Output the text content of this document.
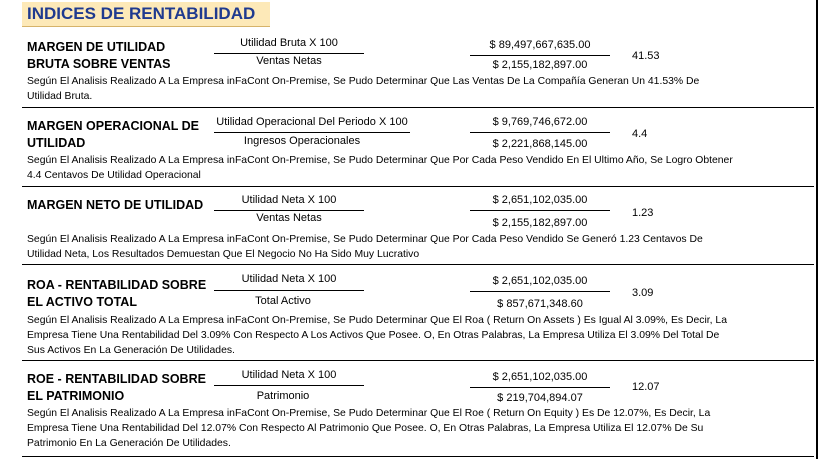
INDICES DE RENTABILIDAD
MARGEN DE UTILIDAD
BRUTA SOBRE VENTAS
Utilidad Bruta X 100
Ventas Netas
$ 89,497,667,635.00
$ 2,155,182,897.00
41.53
Según El Analisis Realizado A La Empresa inFaCont On-Premise, Se Pudo Determinar Que Las Ventas De La Compañía Generan Un 41.53% De
Utilidad Bruta.
MARGEN OPERACIONAL DE
UTILIDAD
Utilidad Operacional Del Periodo X 100
Ingresos Operacionales
$ 9,769,746,672.00
$ 2,221,868,145.00
4.4
Según El Analisis Realizado A La Empresa inFaCont On-Premise, Se Pudo Determinar Que Por Cada Peso Vendido En El Ultimo Año, Se Logro Obtener
4.4 Centavos De Utilidad Operacional
MARGEN NETO DE UTILIDAD	Utilidad Neta X 100
Ventas Netas
$ 2,651,102,035.00
$ 2,155,182,897.00
1.23
Según El Analisis Realizado A La Empresa inFaCont On-Premise, Se Pudo Determinar Que Por Cada Peso Vendido Se Generó 1.23 Centavos De
Utilidad Neta, Los Resultados Demuestan Que El Negocio No Ha Sido Muy Lucrativo
ROA - RENTABILIDAD SOBRE
EL ACTIVO TOTAL
Utilidad Neta X 100
Total Activo
$ 2,651,102,035.00
$ 857,671,348.60
3.09
Según El Analisis Realizado A La Empresa inFaCont On-Premise, Se Pudo Determinar Que El Roa ( Return On Assets ) Es Igual Al 3.09%, Es Decir, La
Empresa Tiene Una Rentabilidad Del 3.09% Con Respecto A Los Activos Que Posee. O, En Otras Palabras, La Empresa Utiliza El 3.09% Del Total De
Sus Activos En La Generación De Utilidades.
ROE - RENTABILIDAD SOBRE
EL PATRIMONIO
Utilidad Neta X 100
Patrimonio
$ 2,651,102,035.00
$ 219,704,894.07
12.07
Según El Analisis Realizado A La Empresa inFaCont On-Premise, Se Pudo Determinar Que El Roe ( Return On Equity ) Es De 12.07%, Es Decir, La
Empresa Tiene Una Rentabilidad Del 12.07% Con Respecto Al Patrimonio Que Posee. O, En Otras Palabras, La Empresa Utiliza El 12.07% De Su
Patrimonio En La Generación De Utilidades.
